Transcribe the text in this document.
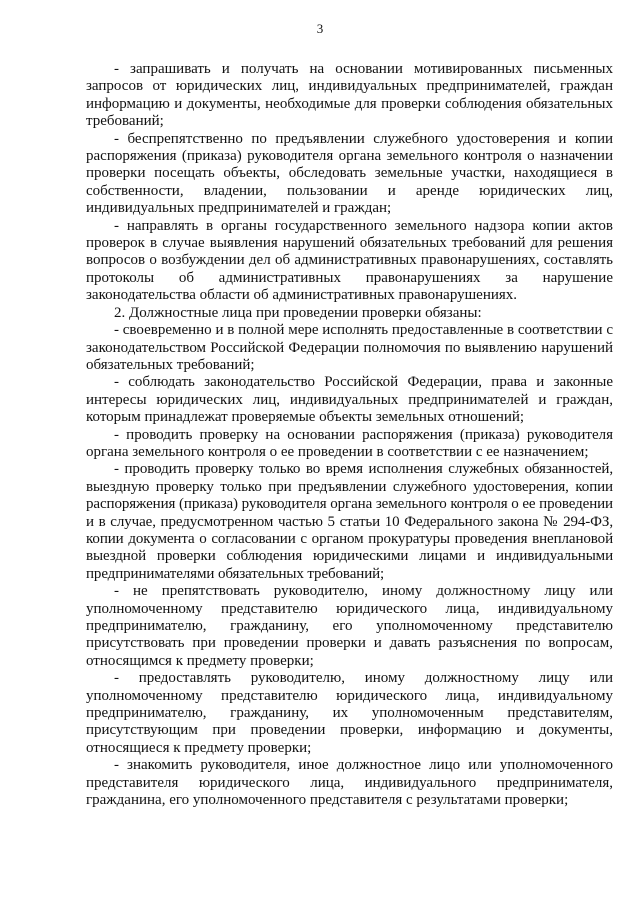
3

- запрашивать и получать на основании мотивированных письменных запросов от юридических лиц, индивидуальных предпринимателей, граждан информацию и документы, необходимые для проверки соблюдения обязательных требований;

- беспрепятственно по предъявлении служебного удостоверения и копии распоряжения (приказа) руководителя органа земельного контроля о назначении проверки посещать объекты, обследовать земельные участки, находящиеся в собственности, владении, пользовании и аренде юридических лиц, индивидуальных предпринимателей и граждан;

- направлять в органы государственного земельного надзора копии актов проверок в случае выявления нарушений обязательных требований для решения вопросов о возбуждении дел об административных правонарушениях, составлять протоколы об административных правонарушениях за нарушение законодательства области об административных правонарушениях.

2. Должностные лица при проведении проверки обязаны:

- своевременно и в полной мере исполнять предоставленные в соответствии с законодательством Российской Федерации полномочия по выявлению нарушений обязательных требований;

- соблюдать законодательство Российской Федерации, права и законные интересы юридических лиц, индивидуальных предпринимателей и граждан, которым принадлежат проверяемые объекты земельных отношений;

- проводить проверку на основании распоряжения (приказа) руководителя органа земельного контроля о ее проведении в соответствии с ее назначением;

- проводить проверку только во время исполнения служебных обязанностей, выездную проверку только при предъявлении служебного удостоверения, копии распоряжения (приказа) руководителя органа земельного контроля о ее проведении и в случае, предусмотренном частью 5 статьи 10 Федерального закона № 294-ФЗ, копии документа о согласовании с органом прокуратуры проведения внеплановой выездной проверки соблюдения юридическими лицами и индивидуальными предпринимателями обязательных требований;

- не препятствовать руководителю, иному должностному лицу или уполномоченному представителю юридического лица, индивидуальному предпринимателю, гражданину, его уполномоченному представителю присутствовать при проведении проверки и давать разъяснения по вопросам, относящимся к предмету проверки;

- предоставлять руководителю, иному должностному лицу или уполномоченному представителю юридического лица, индивидуальному предпринимателю, гражданину, их уполномоченным представителям, присутствующим при проведении проверки, информацию и документы, относящиеся к предмету проверки;

- знакомить руководителя, иное должностное лицо или уполномоченного представителя юридического лица, индивидуального предпринимателя, гражданина, его уполномоченного представителя с результатами проверки;
